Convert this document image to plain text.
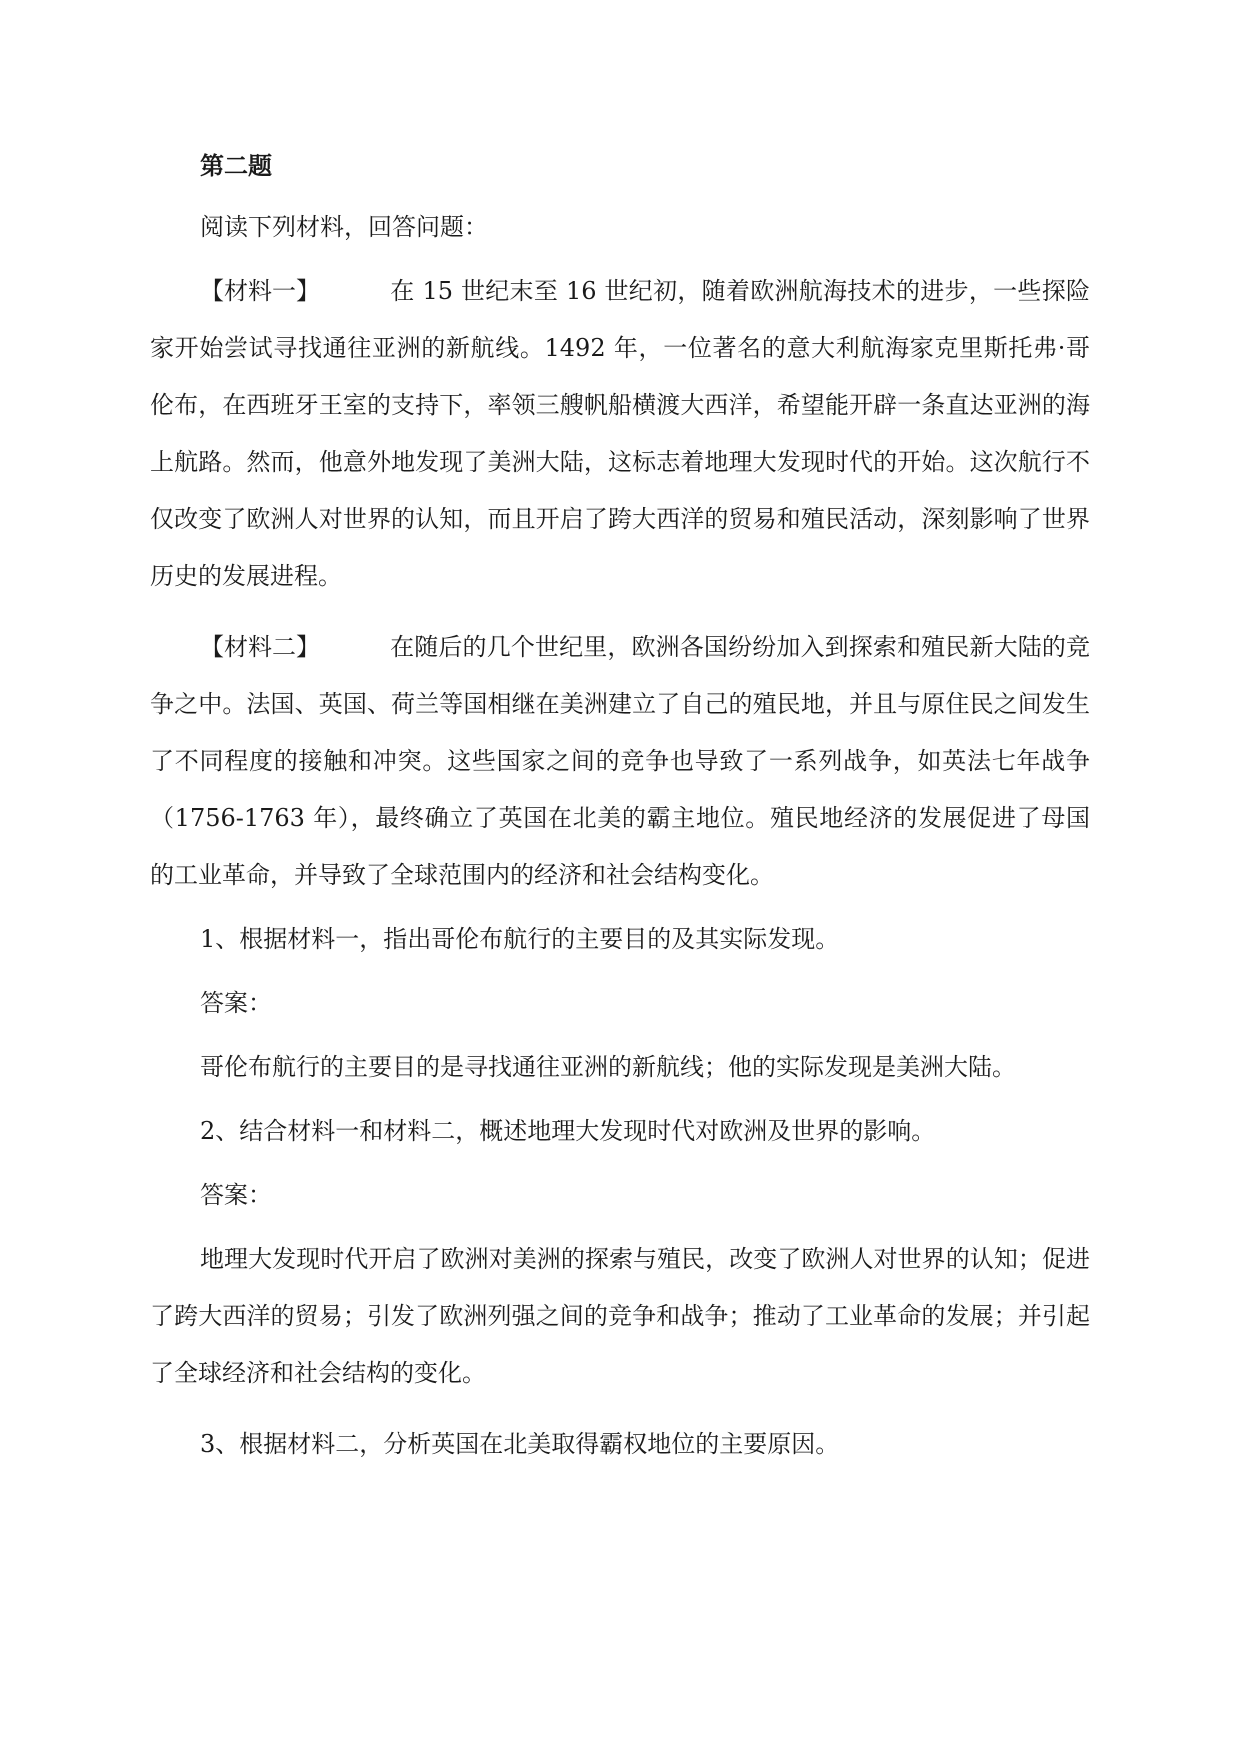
第二题

阅读下列材料，回答问题：

【材料一】	在 15 世纪末至 16 世纪初，随着欧洲航海技术的进步，一些探险家开始尝试寻找通往亚洲的新航线。1492 年，一位著名的意大利航海家克里斯托弗·哥伦布，在西班牙王室的支持下，率领三艘帆船横渡大西洋，希望能开辟一条直达亚洲的海上航路。然而，他意外地发现了美洲大陆，这标志着地理大发现时代的开始。这次航行不仅改变了欧洲人对世界的认知，而且开启了跨大西洋的贸易和殖民活动，深刻影响了世界历史的发展进程。

【材料二】	在随后的几个世纪里，欧洲各国纷纷加入到探索和殖民新大陆的竞争之中。法国、英国、荷兰等国相继在美洲建立了自己的殖民地，并且与原住民之间发生了不同程度的接触和冲突。这些国家之间的竞争也导致了一系列战争，如英法七年战争（1756-1763 年），最终确立了英国在北美的霸主地位。殖民地经济的发展促进了母国的工业革命，并导致了全球范围内的经济和社会结构变化。

1、根据材料一，指出哥伦布航行的主要目的及其实际发现。

答案：

哥伦布航行的主要目的是寻找通往亚洲的新航线；他的实际发现是美洲大陆。

2、结合材料一和材料二，概述地理大发现时代对欧洲及世界的影响。

答案：

地理大发现时代开启了欧洲对美洲的探索与殖民，改变了欧洲人对世界的认知；促进了跨大西洋的贸易；引发了欧洲列强之间的竞争和战争；推动了工业革命的发展；并引起了全球经济和社会结构的变化。

3、根据材料二，分析英国在北美取得霸权地位的主要原因。
